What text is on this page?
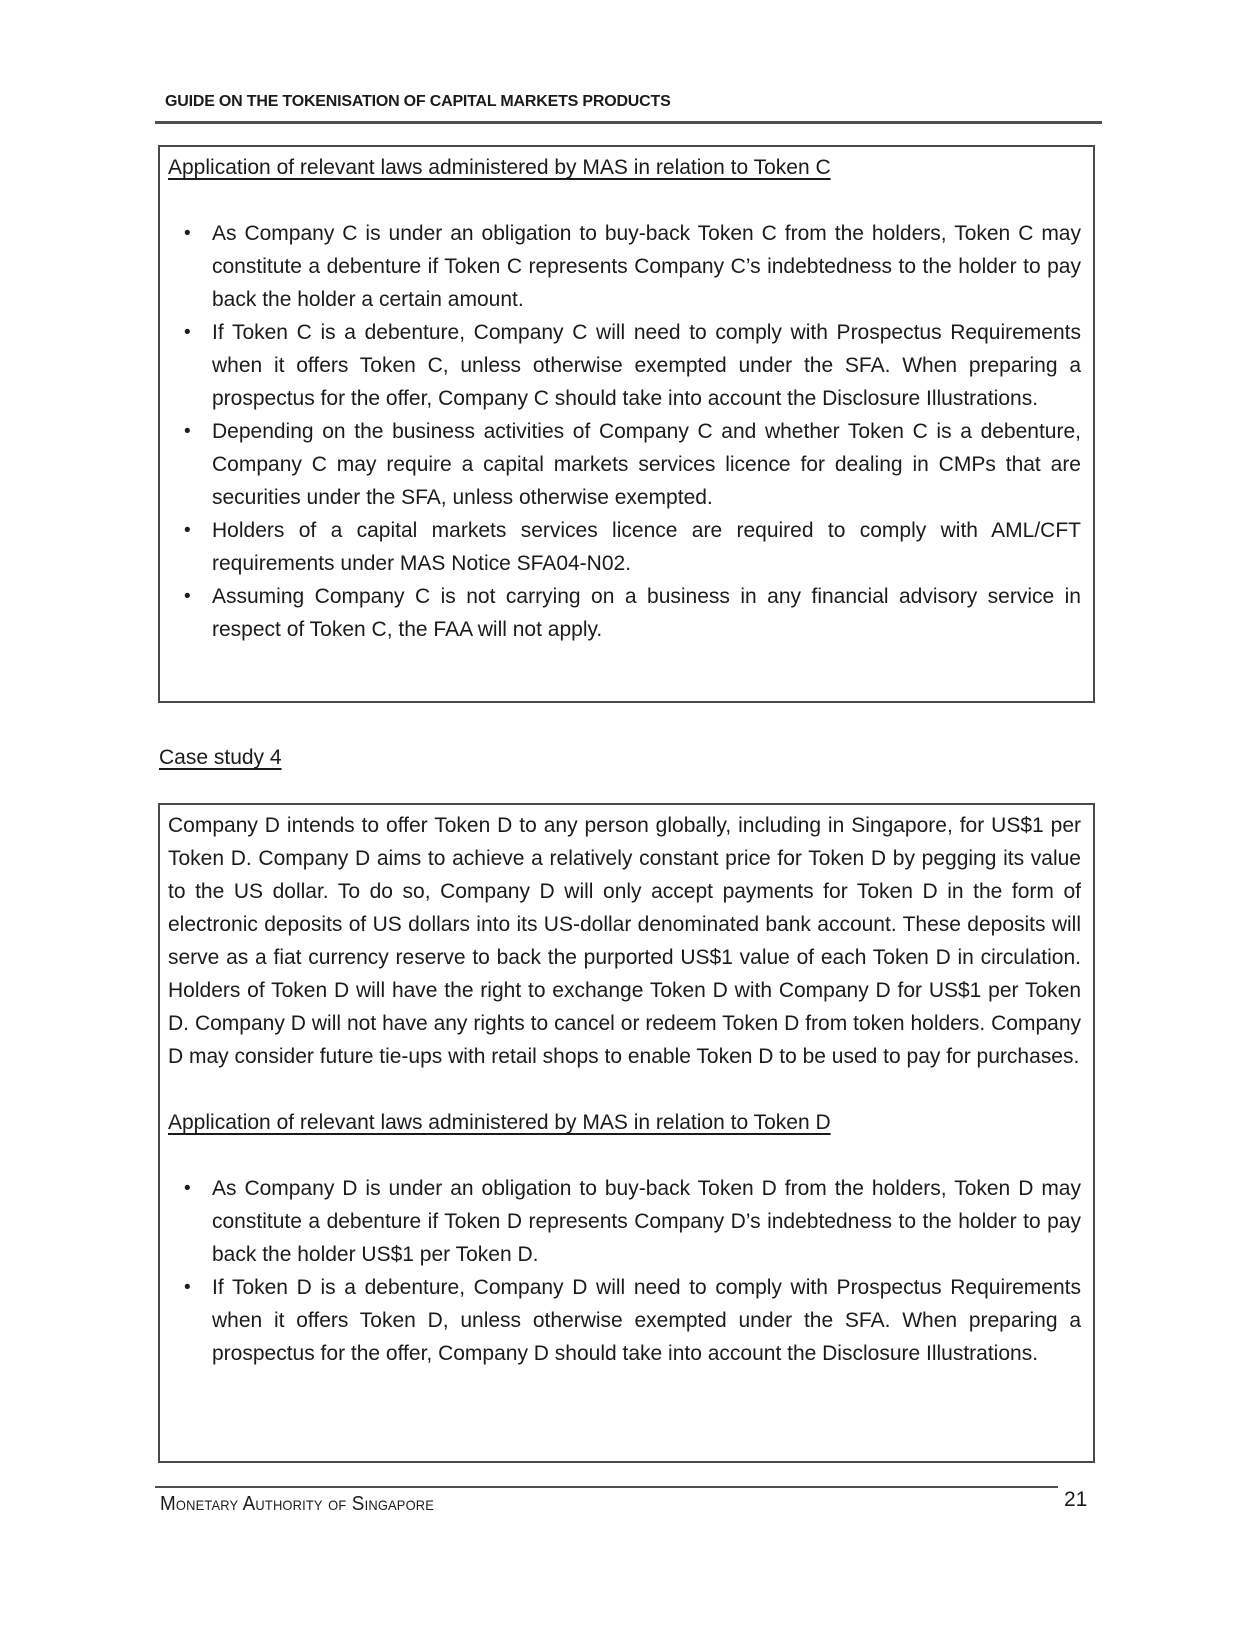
GUIDE ON THE TOKENISATION OF CAPITAL MARKETS PRODUCTS
Application of relevant laws administered by MAS in relation to Token C
• As Company C is under an obligation to buy-back Token C from the holders, Token C may constitute a debenture if Token C represents Company C’s indebtedness to the holder to pay back the holder a certain amount.
• If Token C is a debenture, Company C will need to comply with Prospectus Requirements when it offers Token C, unless otherwise exempted under the SFA. When preparing a prospectus for the offer, Company C should take into account the Disclosure Illustrations.
• Depending on the business activities of Company C and whether Token C is a debenture, Company C may require a capital markets services licence for dealing in CMPs that are securities under the SFA, unless otherwise exempted.
• Holders of a capital markets services licence are required to comply with AML/CFT requirements under MAS Notice SFA04-N02.
• Assuming Company C is not carrying on a business in any financial advisory service in respect of Token C, the FAA will not apply.
Case study 4
Company D intends to offer Token D to any person globally, including in Singapore, for US$1 per Token D. Company D aims to achieve a relatively constant price for Token D by pegging its value to the US dollar. To do so, Company D will only accept payments for Token D in the form of electronic deposits of US dollars into its US-dollar denominated bank account. These deposits will serve as a fiat currency reserve to back the purported US$1 value of each Token D in circulation. Holders of Token D will have the right to exchange Token D with Company D for US$1 per Token D. Company D will not have any rights to cancel or redeem Token D from token holders. Company D may consider future tie-ups with retail shops to enable Token D to be used to pay for purchases.
Application of relevant laws administered by MAS in relation to Token D
• As Company D is under an obligation to buy-back Token D from the holders, Token D may constitute a debenture if Token D represents Company D’s indebtedness to the holder to pay back the holder US$1 per Token D.
• If Token D is a debenture, Company D will need to comply with Prospectus Requirements when it offers Token D, unless otherwise exempted under the SFA. When preparing a prospectus for the offer, Company D should take into account the Disclosure Illustrations.
Monetary Authority of Singapore	21
